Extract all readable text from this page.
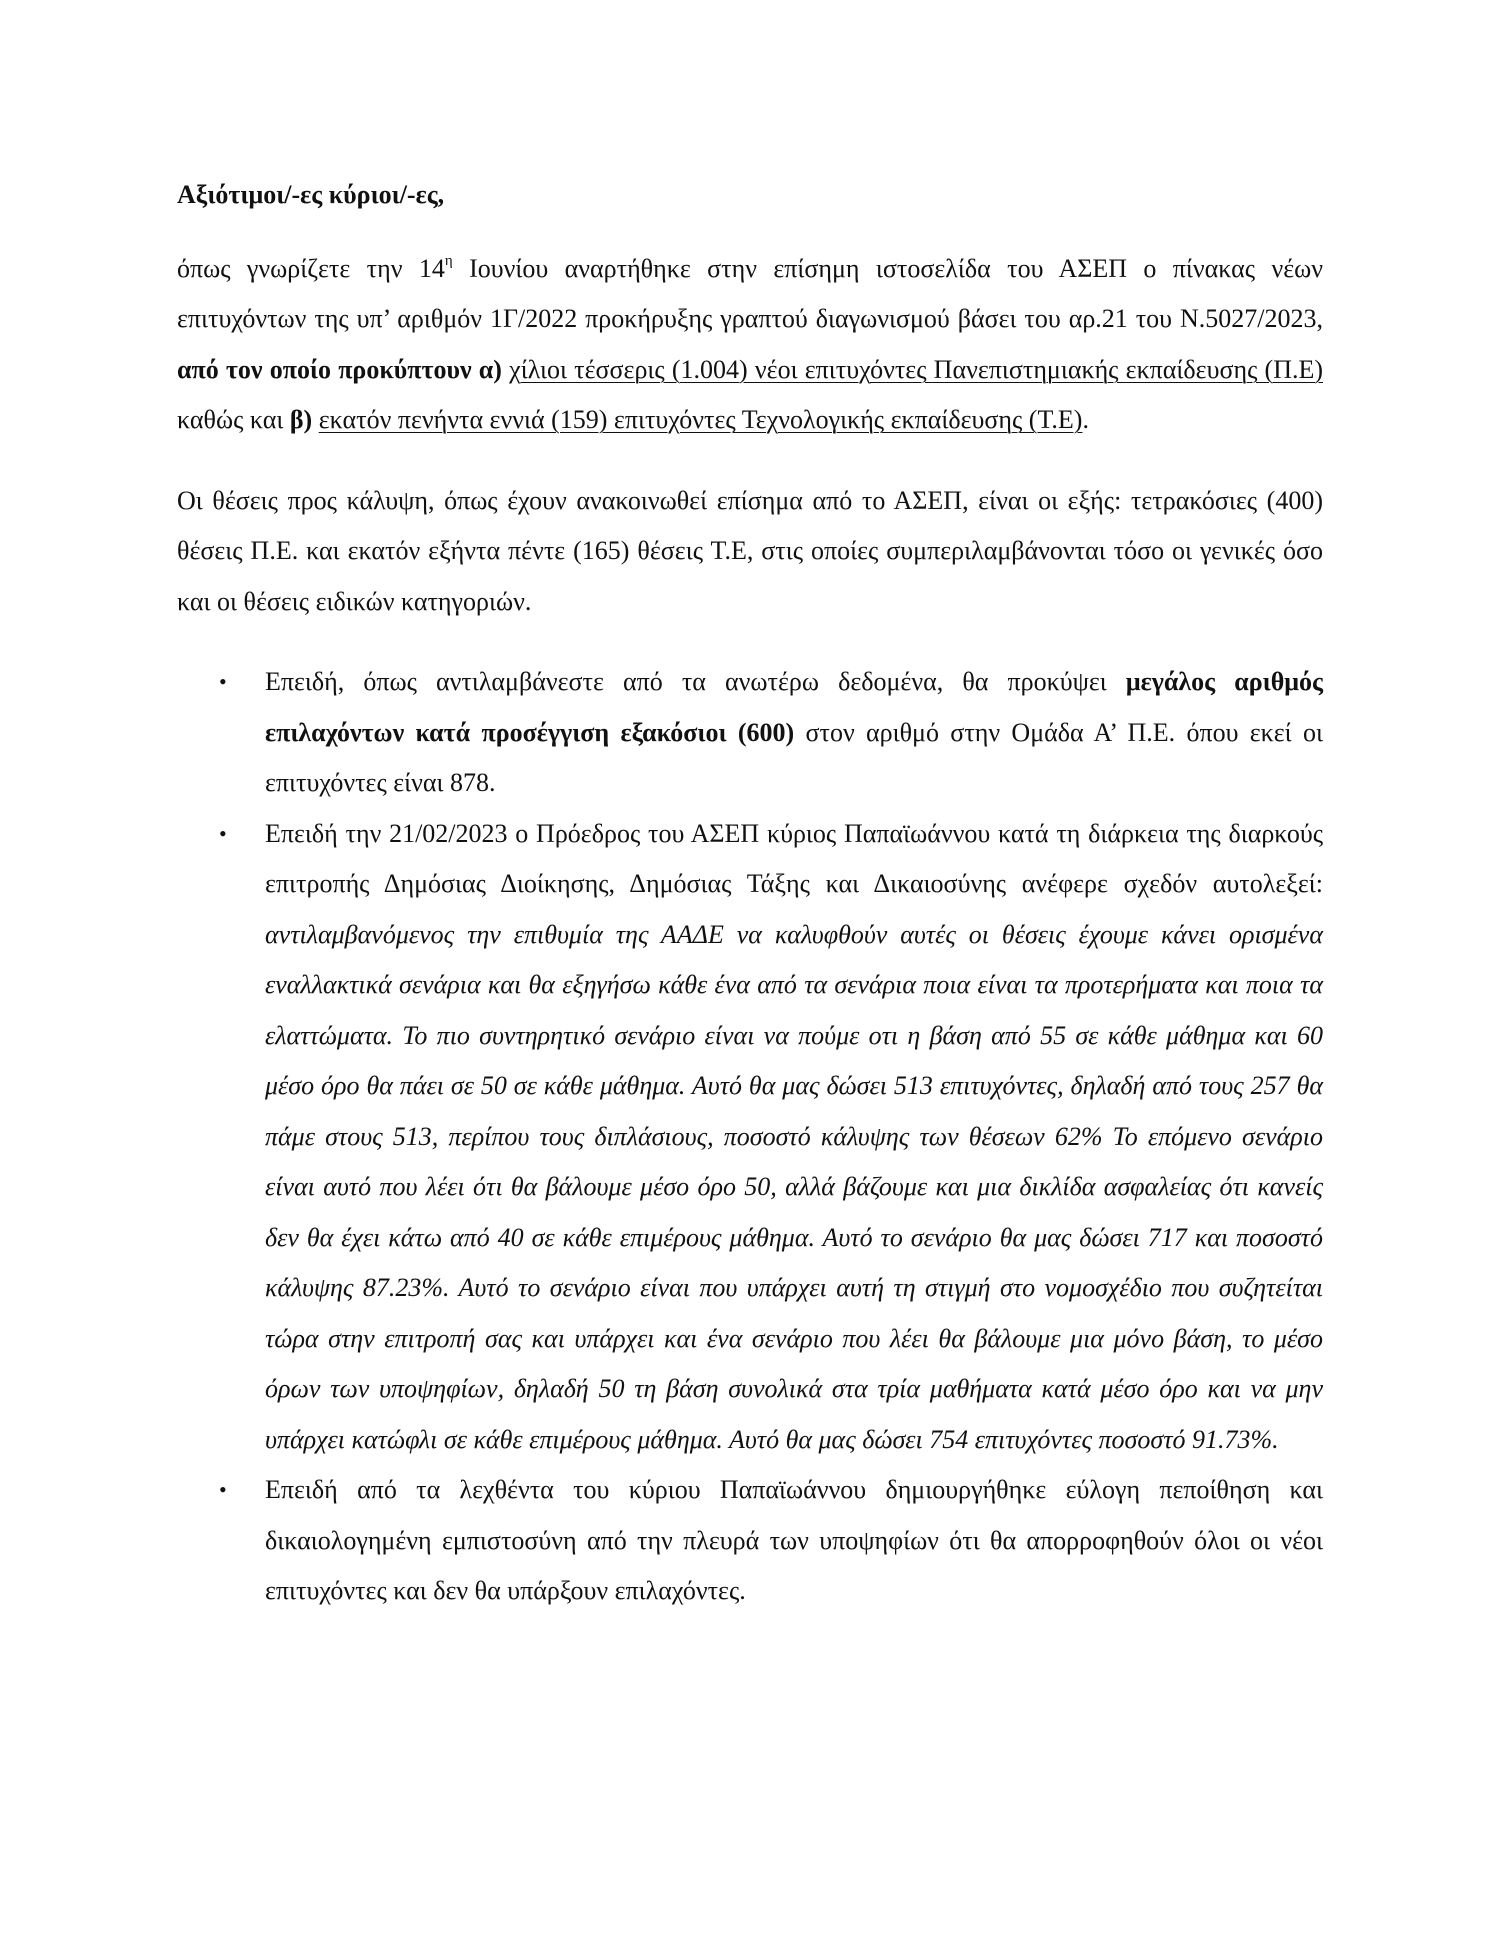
Αξιότιμοι/-ες κύριοι/-ες,

όπως γνωρίζετε την $14^\eta$ Ιουνίου αναρτήθηκε στην επίσημη ιστοσελίδα του ΑΣΕΠ ο πίνακας νέων επιτυχόντων της υπ’ αριθμόν 1Γ/2022 προκήρυξης γραπτού διαγωνισμού βάσει του αρ.21 του Ν.5027/2023, από τον οποίο προκύπτουν α) χίλιοι τέσσερις (1.004) νέοι επιτυχόντες Πανεπιστημιακής εκπαίδευσης (Π.Ε) καθώς και β) εκατόν πενήντα εννιά (159) επιτυχόντες Τεχνολογικής εκπαίδευσης (Τ.Ε).

Οι θέσεις προς κάλυψη, όπως έχουν ανακοινωθεί επίσημα από το ΑΣΕΠ, είναι οι εξής: τετρακόσιες (400) θέσεις Π.Ε. και εκατόν εξήντα πέντε (165) θέσεις Τ.Ε, στις οποίες συμπεριλαμβάνονται τόσο οι γενικές όσο και οι θέσεις ειδικών κατηγοριών.

• Επειδή, όπως αντιλαμβάνεστε από τα ανωτέρω δεδομένα, θα προκύψει μεγάλος αριθμός επιλαχόντων κατά προσέγγιση εξακόσιοι (600) στον αριθμό στην Ομάδα Α’ Π.Ε. όπου εκεί οι επιτυχόντες είναι 878.
• Επειδή την 21/02/2023 ο Πρόεδρος του ΑΣΕΠ κύριος Παπαϊωάννου κατά τη διάρκεια της διαρκούς επιτροπής Δημόσιας Διοίκησης, Δημόσιας Τάξης και Δικαιοσύνης ανέφερε σχεδόν αυτολεξεί: αντιλαμβανόμενος την επιθυμία της ΑΑΔΕ να καλυφθούν αυτές οι θέσεις έχουμε κάνει ορισμένα εναλλακτικά σενάρια και θα εξηγήσω κάθε ένα από τα σενάρια ποια είναι τα προτερήματα και ποια τα ελαττώματα. Το πιο συντηρητικό σενάριο είναι να πούμε οτι η βάση από 55 σε κάθε μάθημα και 60 μέσο όρο θα πάει σε 50 σε κάθε μάθημα. Αυτό θα μας δώσει 513 επιτυχόντες, δηλαδή από τους 257 θα πάμε στους 513, περίπου τους διπλάσιους, ποσοστό κάλυψης των θέσεων 62% Το επόμενο σενάριο είναι αυτό που λέει ότι θα βάλουμε μέσο όρο 50, αλλά βάζουμε και μια δικλίδα ασφαλείας ότι κανείς δεν θα έχει κάτω από 40 σε κάθε επιμέρους μάθημα. Αυτό το σενάριο θα μας δώσει 717 και ποσοστό κάλυψης 87.23%. Αυτό το σενάριο είναι που υπάρχει αυτή τη στιγμή στο νομοσχέδιο που συζητείται τώρα στην επιτροπή σας και υπάρχει και ένα σενάριο που λέει θα βάλουμε μια μόνο βάση, το μέσο όρων των υποψηφίων, δηλαδή 50 τη βάση συνολικά στα τρία μαθήματα κατά μέσο όρο και να μην υπάρχει κατώφλι σε κάθε επιμέρους μάθημα. Αυτό θα μας δώσει 754 επιτυχόντες ποσοστό 91.73%.
• Επειδή από τα λεχθέντα του κύριου Παπαϊωάννου δημιουργήθηκε εύλογη πεποίθηση και δικαιολογημένη εμπιστοσύνη από την πλευρά των υποψηφίων ότι θα απορροφηθούν όλοι οι νέοι επιτυχόντες και δεν θα υπάρξουν επιλαχόντες.
